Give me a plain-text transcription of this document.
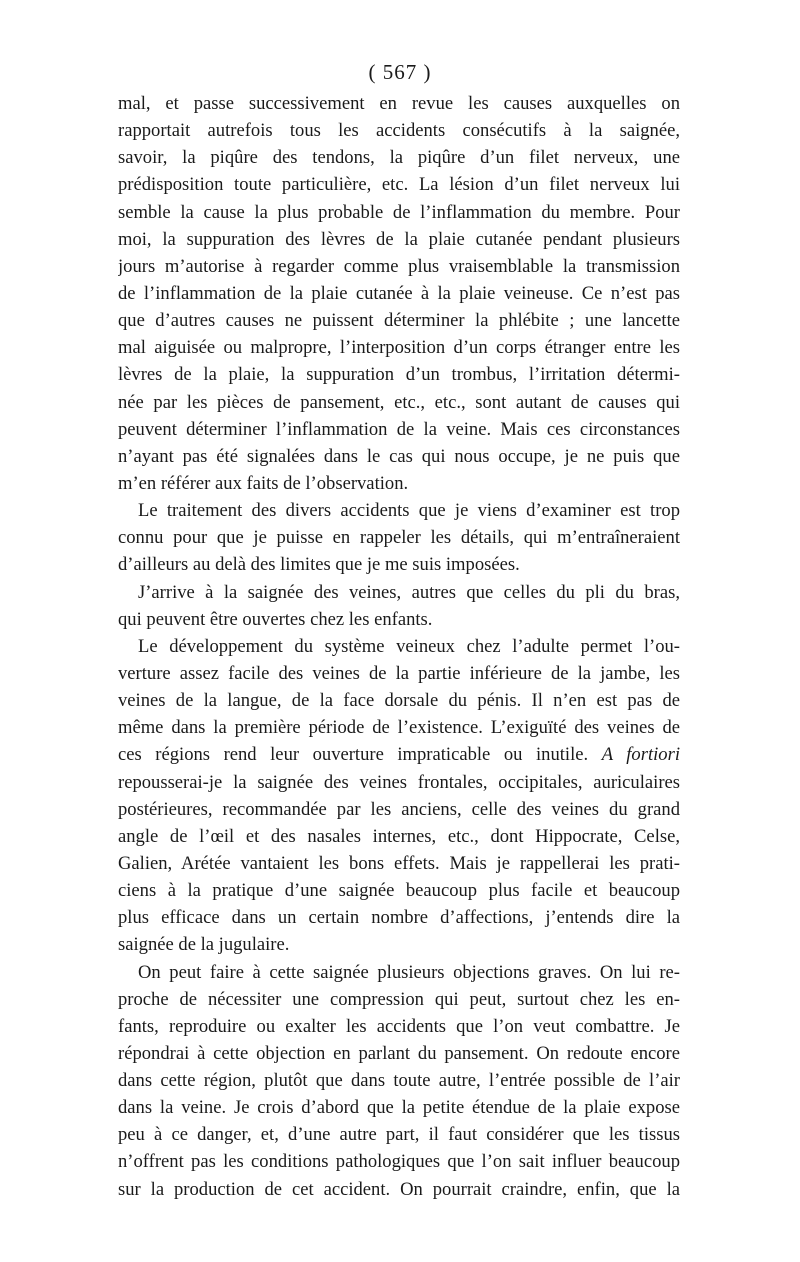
( 567 )
mal, et passe successivement en revue les causes auxquelles on
rapportait autrefois tous les accidents consécutifs à la saignée,
savoir, la piqûre des tendons, la piqûre d’un filet nerveux, une
prédisposition toute particulière, etc. La lésion d’un filet nerveux lui
semble la cause la plus probable de l’inflammation du membre. Pour
moi, la suppuration des lèvres de la plaie cutanée pendant plusieurs
jours m’autorise à regarder comme plus vraisemblable la transmission
de l’inflammation de la plaie cutanée à la plaie veineuse. Ce n’est pas
que d’autres causes ne puissent déterminer la phlébite ; une lancette
mal aiguisée ou malpropre, l’interposition d’un corps étranger entre les
lèvres de la plaie, la suppuration d’un trombus, l’irritation détermi-
née par les pièces de pansement, etc., etc., sont autant de causes qui
peuvent déterminer l’inflammation de la veine. Mais ces circonstances
n’ayant pas été signalées dans le cas qui nous occupe, je ne puis que
m’en référer aux faits de l’observation.
Le traitement des divers accidents que je viens d’examiner est trop
connu pour que je puisse en rappeler les détails, qui m’entraîneraient
d’ailleurs au delà des limites que je me suis imposées.
J’arrive à la saignée des veines, autres que celles du pli du bras,
qui peuvent être ouvertes chez les enfants.
Le développement du système veineux chez l’adulte permet l’ou-
verture assez facile des veines de la partie inférieure de la jambe, les
veines de la langue, de la face dorsale du pénis. Il n’en est pas de
même dans la première période de l’existence. L’exiguïté des veines de
ces régions rend leur ouverture impraticable ou inutile. A fortiori
repousserai-je la saignée des veines frontales, occipitales, auriculaires
postérieures, recommandée par les anciens, celle des veines du grand
angle de l’œil et des nasales internes, etc., dont Hippocrate, Celse,
Galien, Arétée vantaient les bons effets. Mais je rappellerai les prati-
ciens à la pratique d’une saignée beaucoup plus facile et beaucoup
plus efficace dans un certain nombre d’affections, j’entends dire la
saignée de la jugulaire.
On peut faire à cette saignée plusieurs objections graves. On lui re-
proche de nécessiter une compression qui peut, surtout chez les en-
fants, reproduire ou exalter les accidents que l’on veut combattre. Je
répondrai à cette objection en parlant du pansement. On redoute encore
dans cette région, plutôt que dans toute autre, l’entrée possible de l’air
dans la veine. Je crois d’abord que la petite étendue de la plaie expose
peu à ce danger, et, d’une autre part, il faut considérer que les tissus
n’offrent pas les conditions pathologiques que l’on sait influer beaucoup
sur la production de cet accident. On pourrait craindre, enfin, que la
